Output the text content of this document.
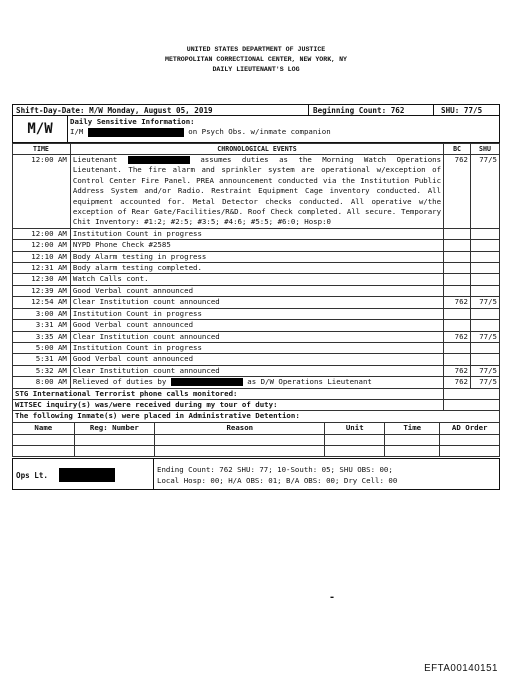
UNITED STATES DEPARTMENT OF JUSTICE
METROPOLITAN CORRECTIONAL CENTER, NEW YORK, NY
DAILY LIEUTENANT'S LOG
Shift-Day-Date: M/W Monday, August 05, 2019	Beginning Count: 762	SHU: 77/5
M/W	Daily Sensitive Information:
I/M	on Psych Obs. w/inmate companion
TIME	CHRONOLOGICAL EVENTS	BC	SHU
12:00 AM	Lieutenant assumes duties as the Morning Watch Operations Lieutenant. The fire alarm and sprinkler system are operational w/exception of Control Center Fire Panel. PREA announcement conducted via the Institution Public Address System and/or Radio. Restraint Equipment Cage inventory conducted. All equipment accounted for. Metal Detector checks conducted. All operative w/the exception of Rear Gate/Facilities/R&D. Roof Check completed. All secure. Temporary Chit Inventory: #1:2; #2:5; #3:5; #4:6; #5:5; #6:0; Hosp:0	762	77/5
12:00 AM	Institution Count in progress		
12:00 AM	NYPD Phone Check #2585		
12:10 AM	Body Alarm testing in progress		
12:31 AM	Body alarm testing completed.		
12:30 AM	Watch Calls cont.		
12:39 AM	Good Verbal count announced		
12:54 AM	Clear Institution count announced	762	77/5
3:00 AM	Institution Count in progress		
3:31 AM	Good Verbal count announced		
3:35 AM	Clear Institution count announced	762	77/5
5:00 AM	Institution Count in progress		
5:31 AM	Good Verbal count announced		
5:32 AM	Clear Institution count announced	762	77/5
8:00 AM	Relieved of duties by as D/W Operations Lieutenant	762	77/5
STG International Terrorist phone calls monitored:			
WITSEC inquiry(s) was/were received during my tour of duty:			
The following Inmate(s) were placed in Administrative Detention:			
Name	Reg: Number	Reason	Unit	Time	AD Order

Ops Lt.
Ending Count: 762 SHU: 77; 10-South: 05; SHU OBS: 00;
Local Hosp: 00; H/A OBS: 01; B/A OBS: 00; Dry Cell: 00
-
EFTA00140151
